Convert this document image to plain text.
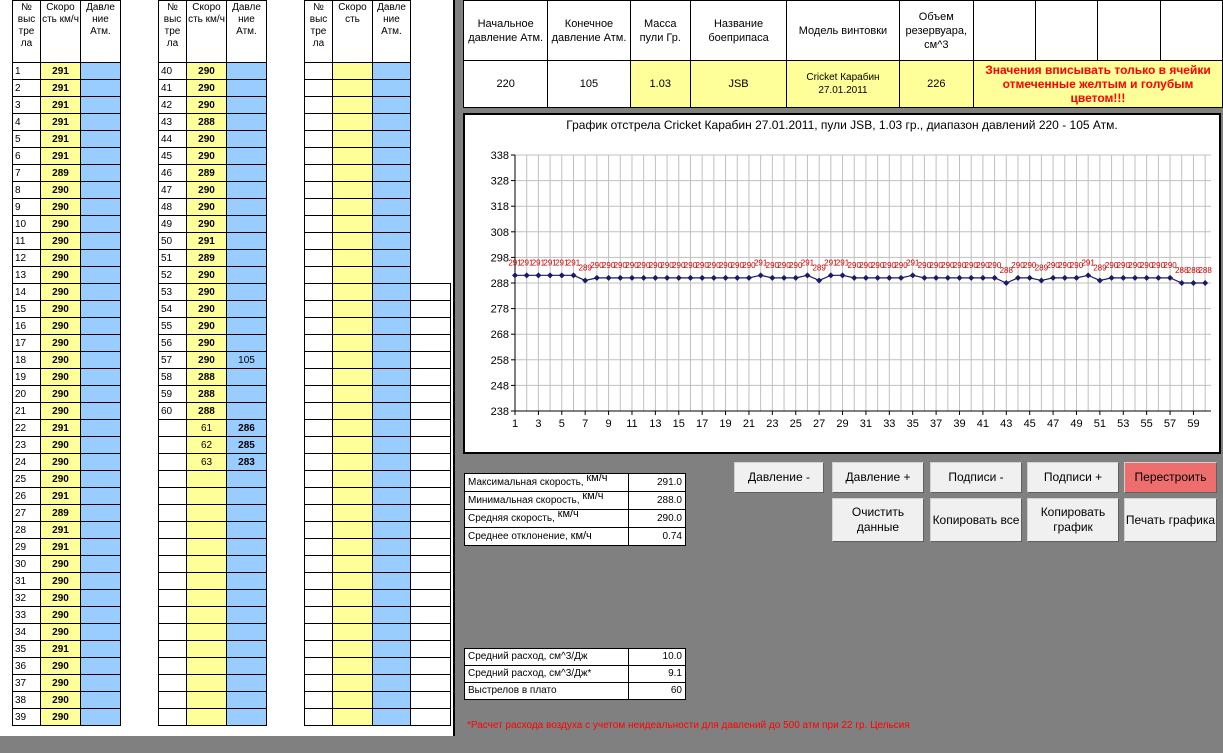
№ выс тре ла	Скоро сть км/ч	Давле ние Атм.		№ выс тре ла	Скоро сть км/ч	Давле ние Атм.		№ выс тре ла	Скоро сть	Давле ние Атм.	
1	291			40	290						
2	291			41	290						
3	291			42	290						
4	291			43	288						
5	291			44	290						
6	291			45	290						
7	289			46	289						
8	290			47	290						
9	290			48	290						
10	290			49	290						
11	290			50	291						
12	290			51	289						
13	290			52	290						
14	290			53	290						
15	290			54	290						
16	290			55	290						
17	290			56	290						
18	290			57	290	105					
19	290			58	288						
20	290			59	288						
21	290			60	288						
22	291				61	286					
23	290				62	285					
24	290				63	283					
25	290										
26	291										
27	289										
28	291										
29	291										
30	290										
31	290										
32	290										
33	290										
34	290										
35	291										
36	290										
37	290										
38	290										
39	290										
Начальное давление Атм.	Конечное давление Атм.	Масса пули Гр.	Название боеприпаса	Модель винтовки	Объем резервуара, см^3				
220	105	1.03	JSB	Cricket Карабин 27.01.2011	226	Значения вписывать только в ячейки отмеченные желтым и голубым цветом!!!			
График отстрела Cricket Карабин 27.01.2011, пули JSB, 1.03 гр., диапазон давлений 220 - 105 Атм.
238
248
258
268
278
288
298
308
318
328
338
1 3 5 7 9 11 13 15 17 19 21 23 25 27 29 31 33 35 37 39 41 43 45 47 49 51 53 55 57 59
291
291
291
291
291
291
289
290
290
290
290
290
290
290
290
290
290
290
290
290
290
291
290
290
290
291
289
291
291
290
290
290
290
290
291
290
290
290
290
290
290
290
288
290
290
289
290
290
290
291
289
290
290
290
290
290
290
288
288
288
Максимальная скорость, км/ч	291.0
Минимальная скорость, км/ч	288.0
Средняя скорость, км/ч	290.0
Среднее отклонение, км/ч	0.74
Средний расход, см^3/Дж	10.0
Средний расход, см^3/Дж*	9.1
Выстрелов в плато	60
Давление -	Давление +	Подписи -	Подписи +	Перестроить
Очистить данные
Копировать все
Копировать график
Печать графика
*Расчет расхода воздуха с учетом неидеальности для давлений до 500 атм при 22 гр. Цельсия
